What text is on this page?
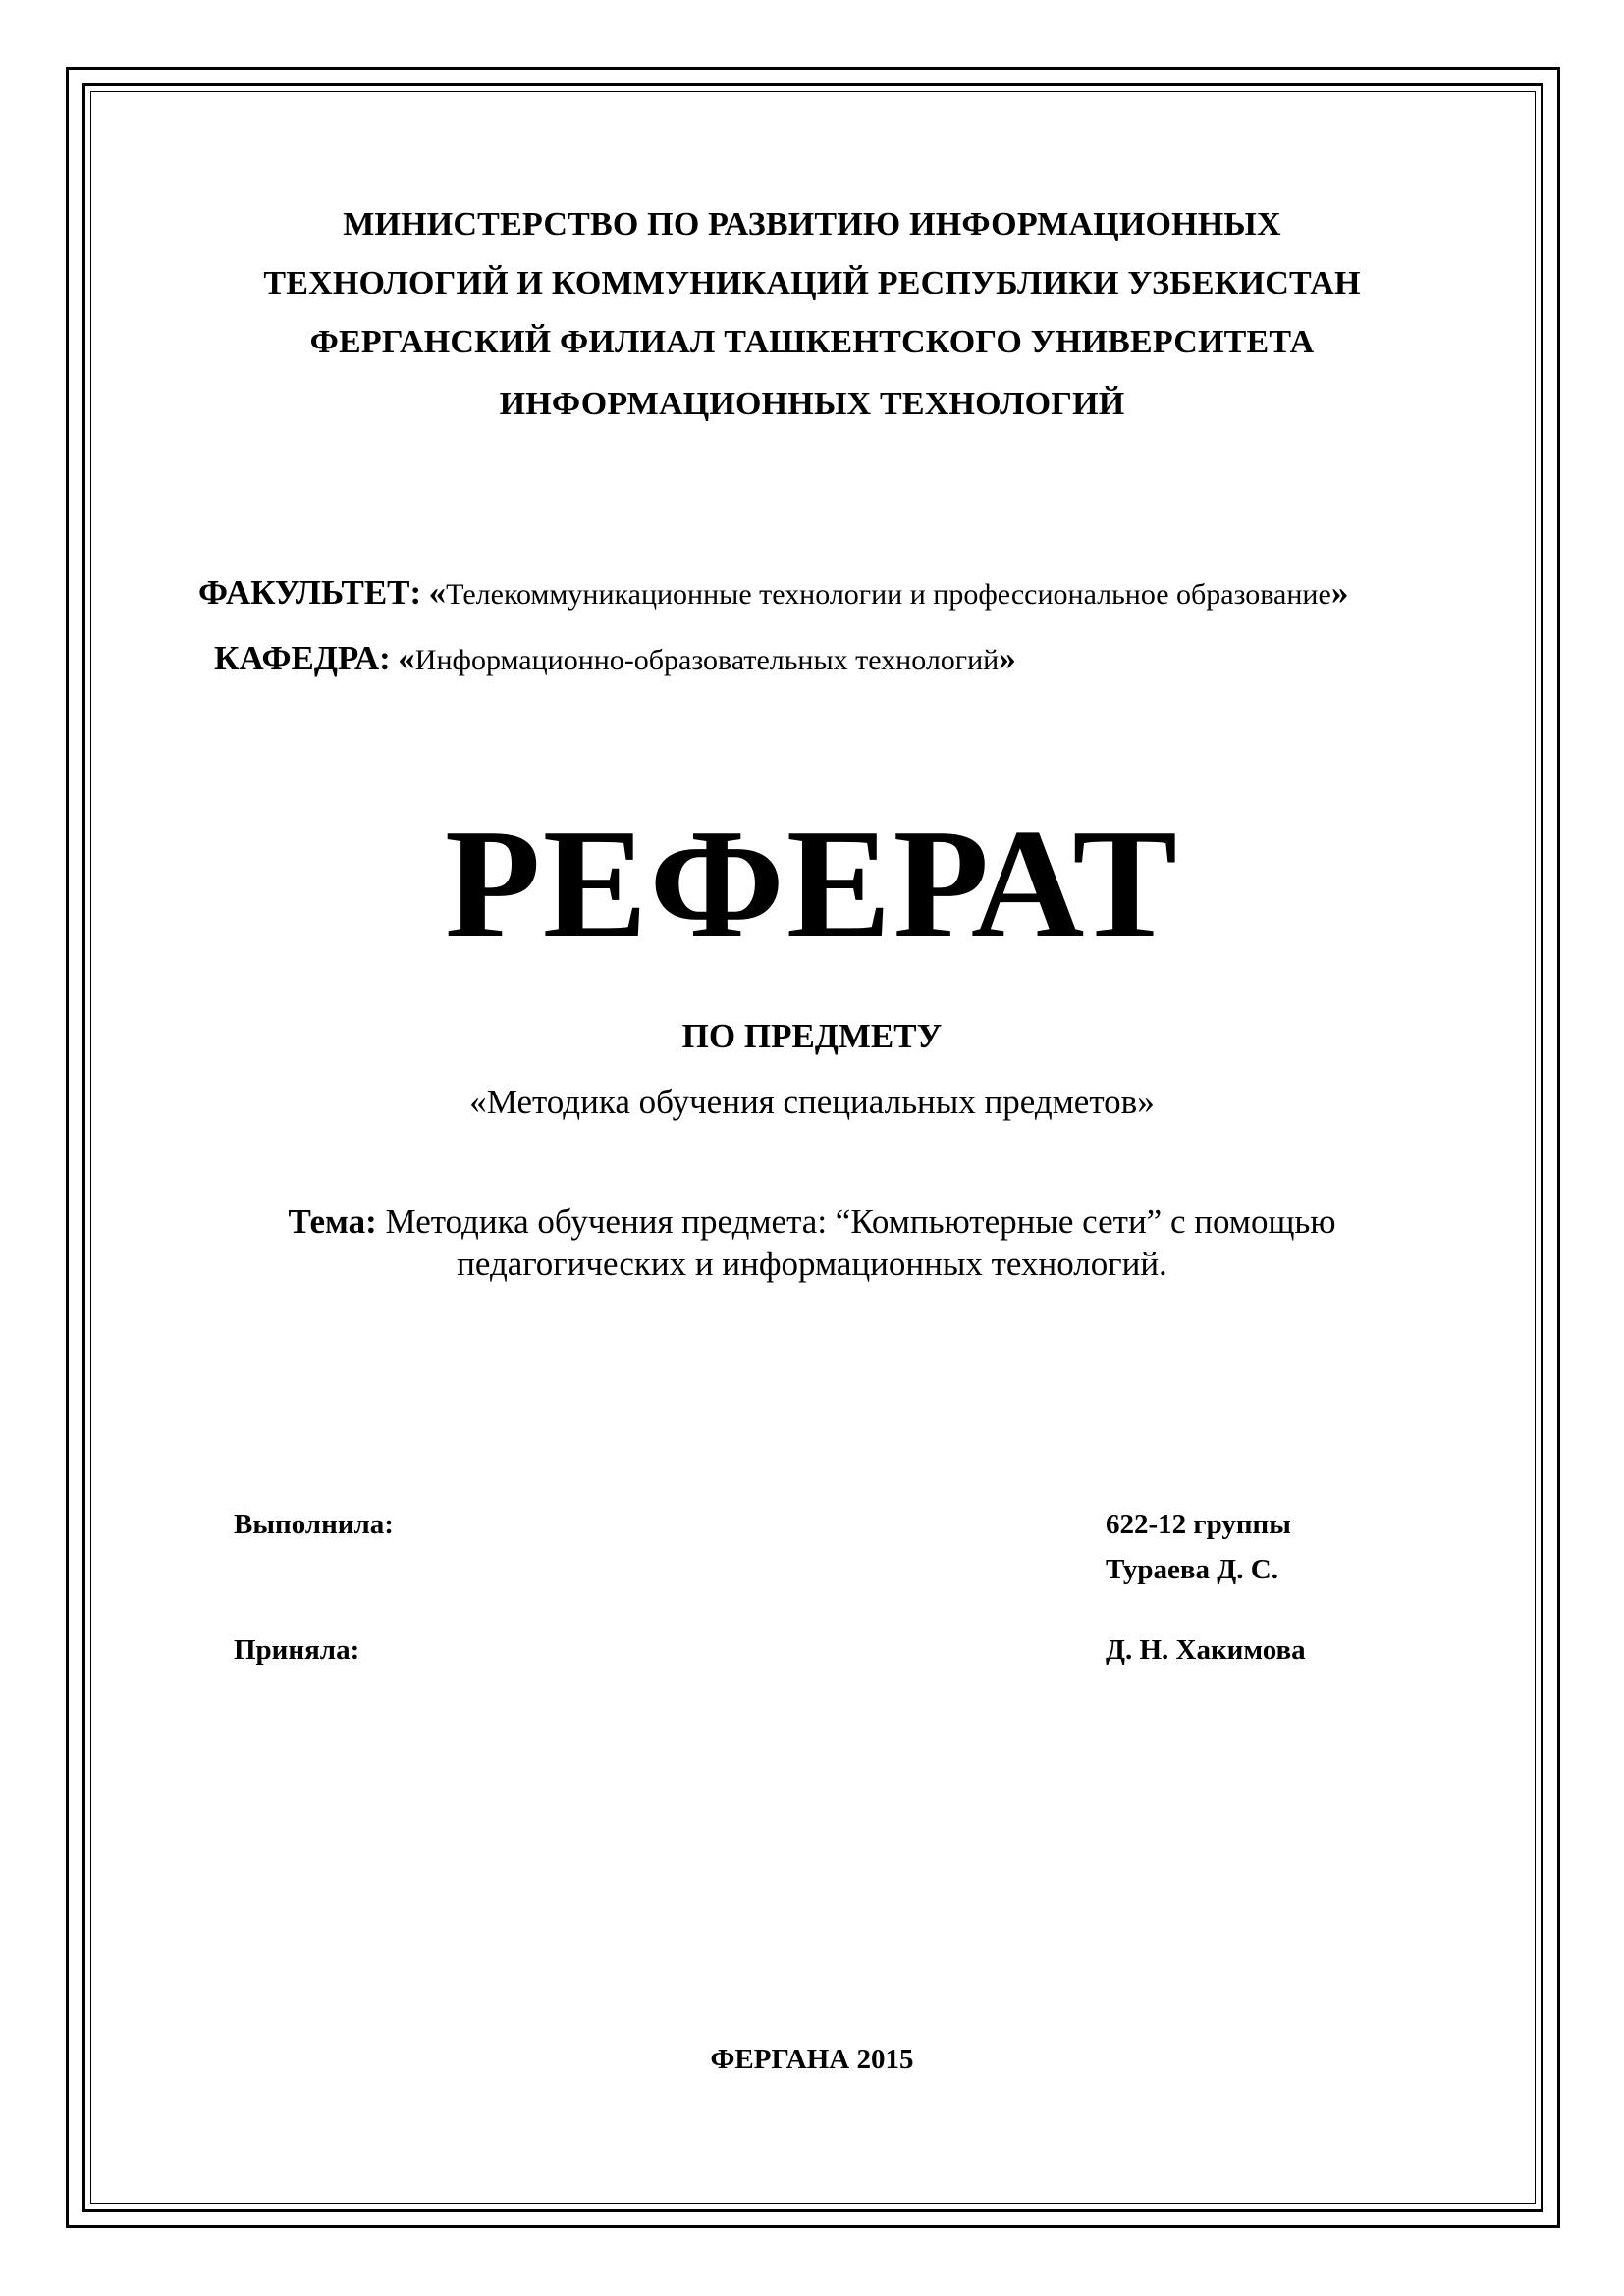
МИНИСТЕРСТВО ПО РАЗВИТИЮ ИНФОРМАЦИОННЫХ
ТЕХНОЛОГИЙ И КОММУНИКАЦИЙ РЕСПУБЛИКИ УЗБЕКИСТАН
ФЕРГАНСКИЙ ФИЛИАЛ ТАШКЕНТСКОГО УНИВЕРСИТЕТА
ИНФОРМАЦИОННЫХ ТЕХНОЛОГИЙ
ФАКУЛЬТЕТ: «Телекоммуникационные технологии и профессиональное образование»
КАФЕДРА: «Информационно-образовательных технологий»
РЕФЕРАТ
ПО ПРЕДМЕТУ
«Методика обучения специальных предметов»
Тема: Методика обучения предмета: “Компьютерные сети” с помощью
педагогических и информационных технологий.
Выполнила:	622-12 группы
Тураева Д. С.
Приняла:	Д. Н. Хакимова
ФЕРГАНА 2015
